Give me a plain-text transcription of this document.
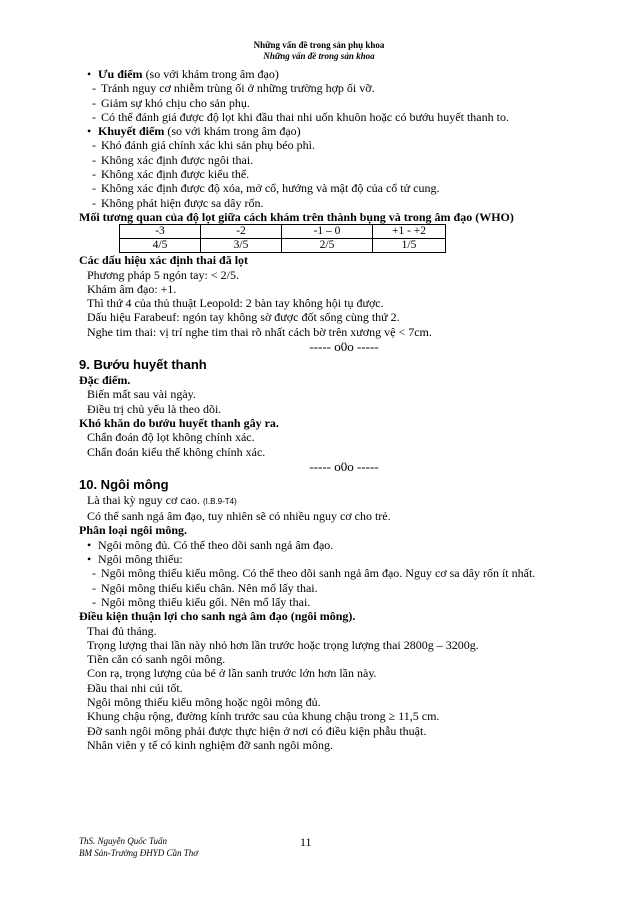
Những vấn đề trong sản phụ khoa
Những vấn đề trong sản khoa
• Ưu điểm (so với khám trong âm đạo)
- Tránh nguy cơ nhiễm trùng ối ở những trường hợp ối vỡ.
- Giảm sự khó chịu cho sản phụ.
- Có thể đánh giá được độ lọt khi đầu thai nhi uốn khuôn hoặc có bướu huyết thanh to.
• Khuyết điểm (so với khám trong âm đạo)
- Khó đánh giá chính xác khi sản phụ béo phì.
- Không xác định được ngôi thai.
- Không xác định được kiểu thế.
- Không xác định được độ xóa, mở cổ, hướng và mật độ của cổ tử cung.
- Không phát hiện được sa dây rốn.
Mối tương quan của độ lọt giữa cách khám trên thành bụng và trong âm đạo (WHO)
-3	-2	-1 – 0	+1 - +2
4/5	3/5	2/5	1/5
Các dấu hiệu xác định thai đã lọt
Phương pháp 5 ngón tay: < 2/5.
Khám âm đạo: +1.
Thì thứ 4 của thủ thuật Leopold: 2 bàn tay không hội tụ được.
Dấu hiệu Farabeuf: ngón tay không sờ được đốt sống cùng thứ 2.
Nghe tim thai: vị trí nghe tim thai rõ nhất cách bờ trên xương vệ < 7cm.
----- o0o -----
9. Bướu huyết thanh
Đặc điểm.
Biến mất sau vài ngày.
Điều trị chủ yếu là theo dõi.
Khó khăn do bướu huyết thanh gây ra.
Chẩn đoán độ lọt không chính xác.
Chẩn đoán kiểu thế không chính xác.
----- o0o -----
10. Ngôi mông
Là thai kỳ nguy cơ cao. (I.B.9-T4)
Có thể sanh ngả âm đạo, tuy nhiên sẽ có nhiều nguy cơ cho trẻ.
Phân loại ngôi mông.
• Ngôi mông đủ. Có thể theo dõi sanh ngả âm đạo.
• Ngôi mông thiếu:
- Ngôi mông thiếu kiểu mông. Có thể theo dõi sanh ngả âm đạo. Nguy cơ sa dây rốn ít nhất.
- Ngôi mông thiếu kiểu chân. Nên mổ lấy thai.
- Ngôi mông thiếu kiểu gối. Nên mổ lấy thai.
Điều kiện thuận lợi cho sanh ngả âm đạo (ngôi mông).
Thai đủ tháng.
Trọng lượng thai lần này nhỏ hơn lần trước hoặc trọng lượng thai 2800g – 3200g.
Tiền căn có sanh ngôi mông.
Con rạ, trọng lượng của bé ở lần sanh trước lớn hơn lần này.
Đầu thai nhi cúi tốt.
Ngôi mông thiếu kiểu mông hoặc ngôi mông đủ.
Khung chậu rộng, đường kính trước sau của khung chậu trong ≥ 11,5 cm.
Đỡ sanh ngôi mông phải được thực hiện ở nơi có điều kiện phẫu thuật.
Nhân viên y tế có kinh nghiệm đỡ sanh ngôi mông.
ThS. Nguyễn Quốc Tuấn
BM Sản-Trường ĐHYD Cần Thơ
11
